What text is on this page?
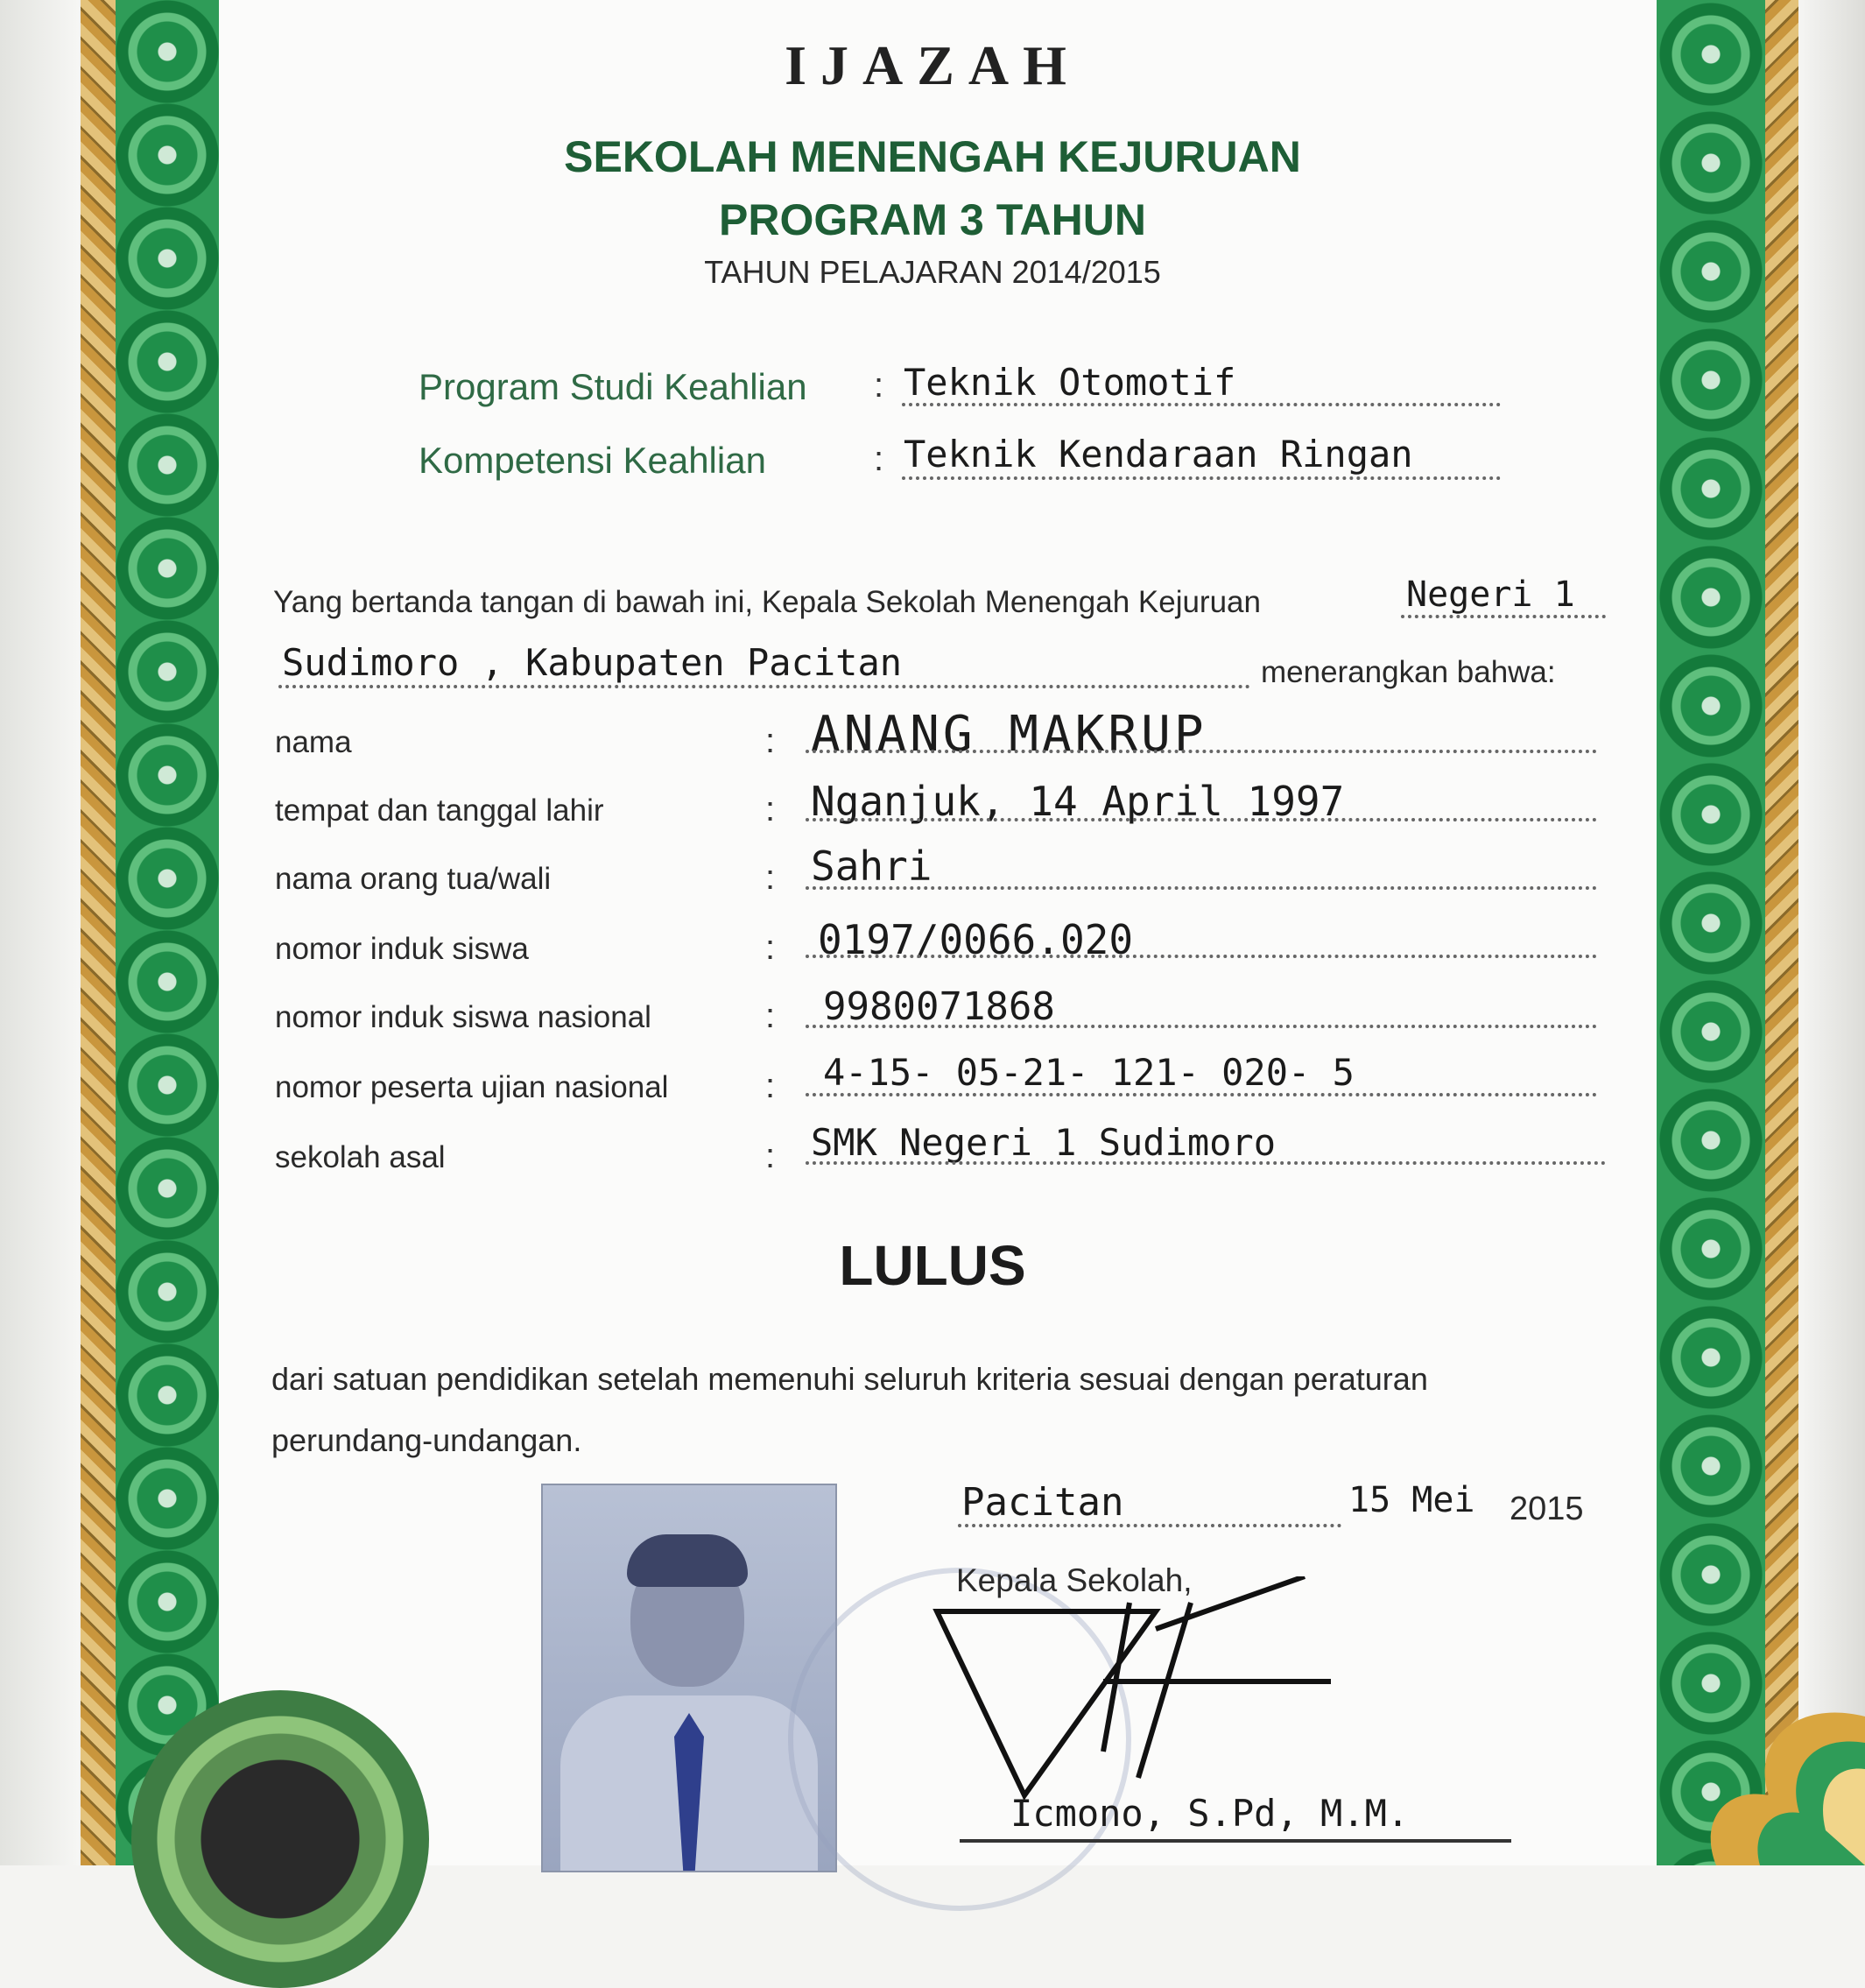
IJAZAH
SEKOLAH MENENGAH KEJURUAN
PROGRAM 3 TAHUN
TAHUN PELAJARAN 2014/2015
Program Studi Keahlian : Teknik Otomotif
Kompetensi Keahlian	: Teknik Kendaraan Ringan
Yang bertanda tangan di bawah ini, Kepala Sekolah Menengah Kejuruan	Negeri 1
Sudimoro , Kabupaten Pacitan	menerangkan bahwa:
nama	: ANANG MAKRUP
tempat dan tanggal lahir	: Nganjuk, 14 April 1997
nama orang tua/wali	: Sahri
nomor induk siswa	: 0197/0066.020
nomor induk siswa nasional	: 9980071868
nomor peserta ujian nasional	: 4-15- 05-21- 121- 020- 5
sekolah asal	: SMK Negeri 1 Sudimoro
LULUS
dari satuan pendidikan setelah memenuhi seluruh kriteria sesuai dengan peraturan
perundang-undangan.
Pacitan	15 Mei 2015
Kepala Sekolah,
Icmono, S.Pd, M.M.
